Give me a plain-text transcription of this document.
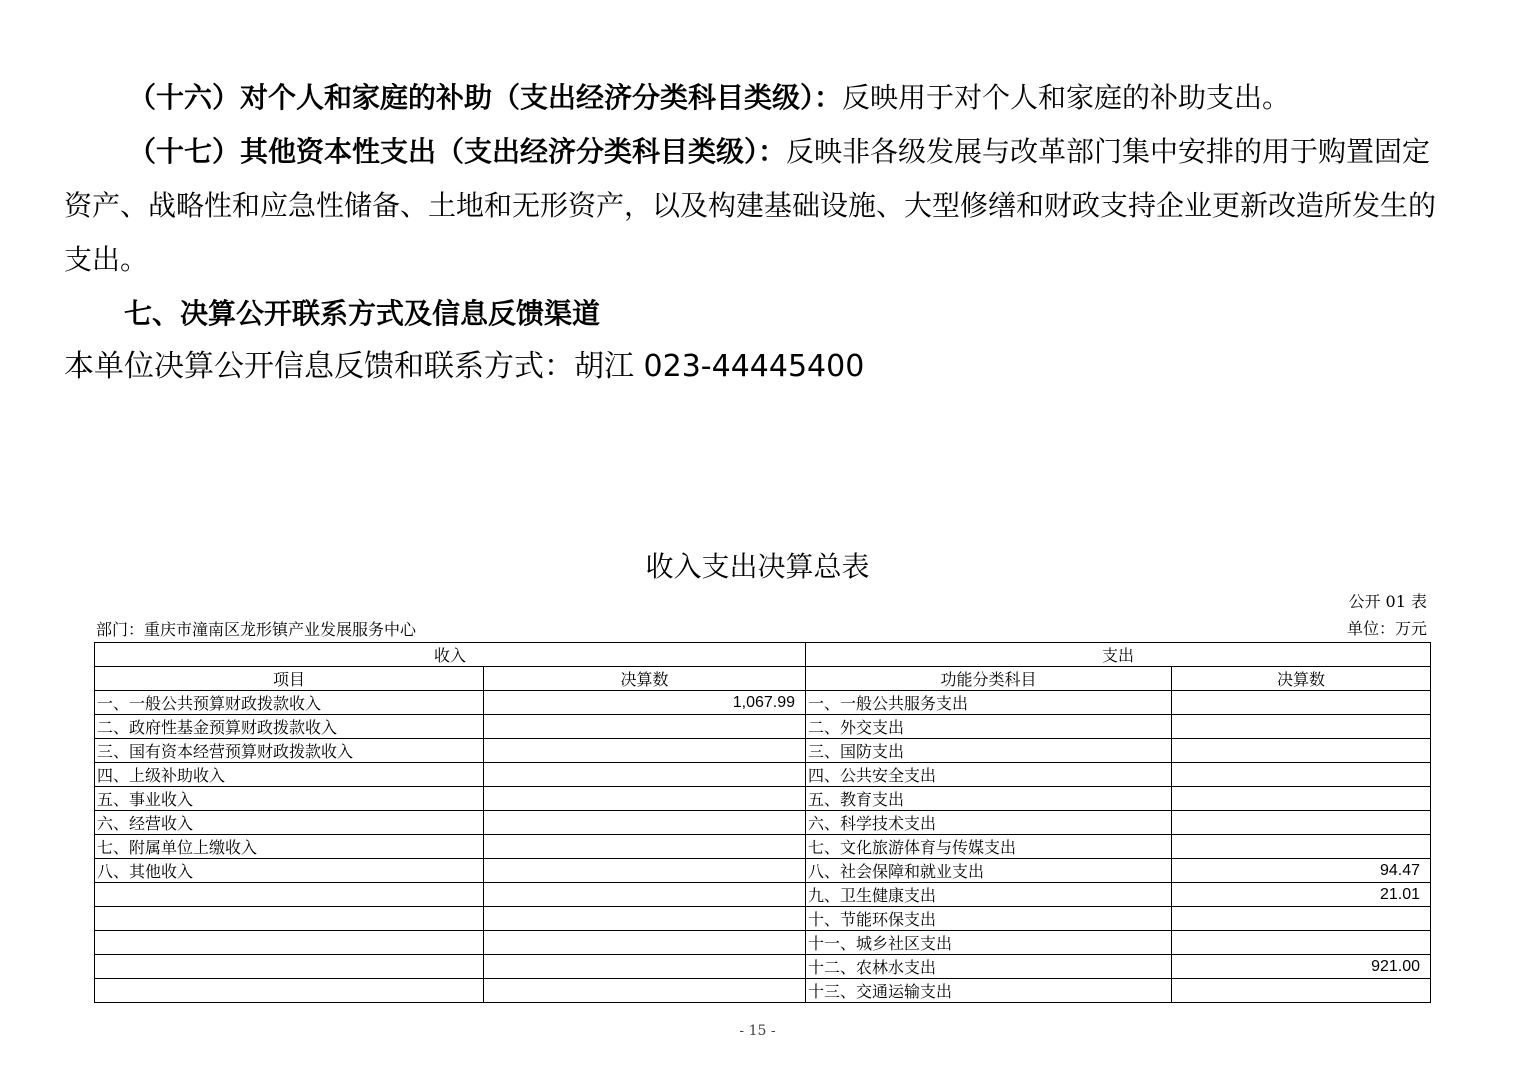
（十六）对个人和家庭的补助（支出经济分类科目类级）：反映用于对个人和家庭的补助支出。

（十七）其他资本性支出（支出经济分类科目类级）：反映非各级发展与改革部门集中安排的用于购置固定资产、战略性和应急性储备、土地和无形资产，以及构建基础设施、大型修缮和财政支持企业更新改造所发生的支出。

七、决算公开联系方式及信息反馈渠道

本单位决算公开信息反馈和联系方式：胡江 023-44445400

收入支出决算总表
公开 01 表
部门：重庆市潼南区龙形镇产业发展服务中心	单位：万元
收入		支出	
项目	决算数	功能分类科目	决算数
一、一般公共预算财政拨款收入	1,067.99	一、一般公共服务支出	
二、政府性基金预算财政拨款收入		二、外交支出	
三、国有资本经营预算财政拨款收入		三、国防支出	
四、上级补助收入		四、公共安全支出	
五、事业收入		五、教育支出	
六、经营收入		六、科学技术支出	
七、附属单位上缴收入		七、文化旅游体育与传媒支出	
八、其他收入		八、社会保障和就业支出	94.47
		九、卫生健康支出	21.01
		十、节能环保支出	
		十一、城乡社区支出	
		十二、农林水支出	921.00
		十三、交通运输支出	
- 15 -
